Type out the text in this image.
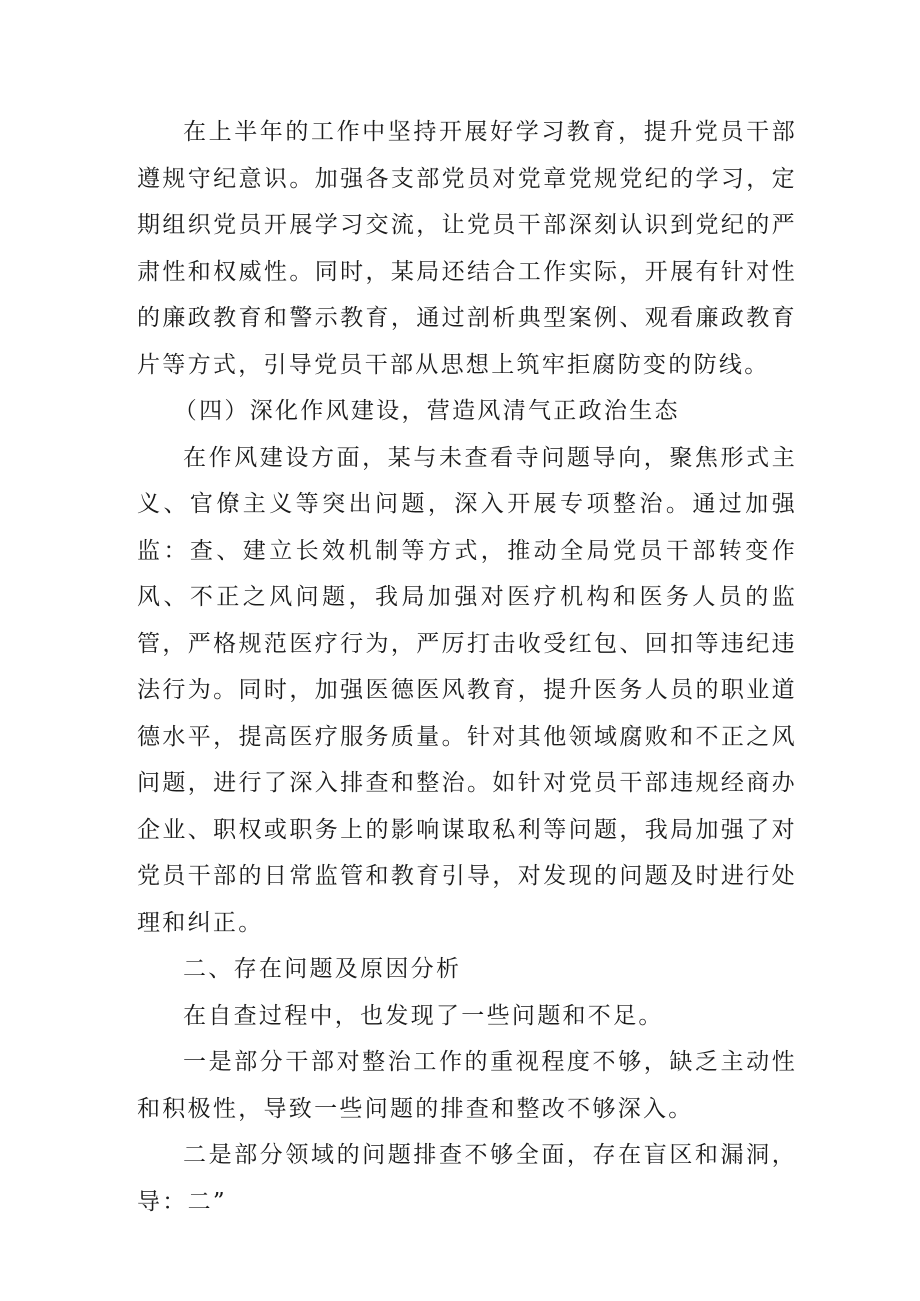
在上半年的工作中坚持开展好学习教育，提升党员干部遵规守纪意识。加强各支部党员对党章党规党纪的学习，定期组织党员开展学习交流，让党员干部深刻认识到党纪的严肃性和权威性。同时，某局还结合工作实际，开展有针对性的廉政教育和警示教育，通过剖析典型案例、观看廉政教育片等方式，引导党员干部从思想上筑牢拒腐防变的防线。

（四）深化作风建设，营造风清气正政治生态

在作风建设方面，某与未查看寺问题导向，聚焦形式主义、官僚主义等突出问题，深入开展专项整治。通过加强监：查、建立长效机制等方式，推动全局党员干部转变作风、不正之风问题，我局加强对医疗机构和医务人员的监管，严格规范医疗行为，严厉打击收受红包、回扣等违纪违法行为。同时，加强医德医风教育，提升医务人员的职业道德水平，提高医疗服务质量。针对其他领域腐败和不正之风问题，进行了深入排查和整治。如针对党员干部违规经商办企业、职权或职务上的影响谋取私利等问题，我局加强了对党员干部的日常监管和教育引导，对发现的问题及时进行处理和纠正。

二、存在问题及原因分析

在自查过程中，也发现了一些问题和不足。

一是部分干部对整治工作的重视程度不够，缺乏主动性和积极性，导致一些问题的排查和整改不够深入。

二是部分领域的问题排查不够全面，存在盲区和漏洞，导：二”
